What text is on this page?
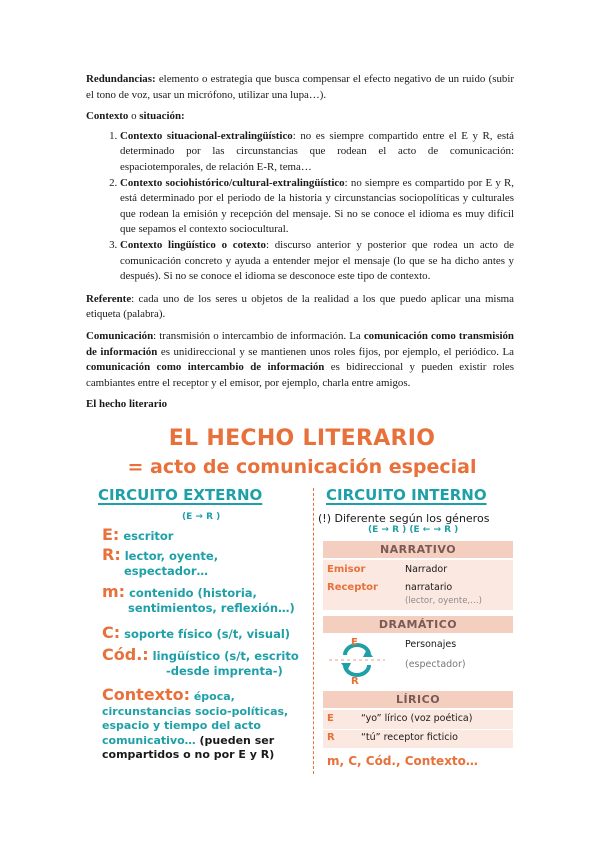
Redundancias: elemento o estrategia que busca compensar el efecto negativo de un ruido (subir el tono de voz, usar un micrófono, utilizar una lupa…).

Contexto o situación:

1. Contexto situacional-extralingüístico: no es siempre compartido entre el E y R, está determinado por las circunstancias que rodean el acto de comunicación: espaciotemporales, de relación E-R, tema…
2. Contexto sociohistórico/cultural-extralingüístico: no siempre es compartido por E y R, está determinado por el periodo de la historia y circunstancias sociopolíticas y culturales que rodean la emisión y recepción del mensaje. Si no se conoce el idioma es muy difícil que sepamos el contexto sociocultural.
3. Contexto lingüístico o cotexto: discurso anterior y posterior que rodea un acto de comunicación concreto y ayuda a entender mejor el mensaje (lo que se ha dicho antes y después). Si no se conoce el idioma se desconoce este tipo de contexto.

Referente: cada uno de los seres u objetos de la realidad a los que puedo aplicar una misma etiqueta (palabra).

Comunicación: transmisión o intercambio de información. La comunicación como transmisión de información es unidireccional y se mantienen unos roles fijos, por ejemplo, el periódico. La comunicación como intercambio de información es bidireccional y pueden existir roles cambiantes entre el receptor y el emisor, por ejemplo, charla entre amigos.

El hecho literario

EL HECHO LITERARIO
= acto de comunicación especial
CIRCUITO EXTERNO	CIRCUITO INTERNO
(E → R )
E: escritor
R: lector, oyente,
espectador…
m: contenido (historia,
sentimientos, reflexión…)
C: soporte físico (s/t, visual)
Cód.: lingüístico (s/t, escrito
-desde imprenta-)
Contexto: época,
circunstancias socio-políticas,
espacio y tiempo del acto
comunicativo… (pueden ser
compartidos o no por E y R)
(!) Diferente según los géneros
(E → R ) (E ← → R )
NARRATIVO
Emisor	Narrador
Receptor	narratario
(lector, oyente,…)
DRAMÁTICO
E
R
Personajes
(espectador)
LÍRICO
E	“yo” lírico (voz poética)
R	“tú” receptor ficticio
m, C, Cód., Contexto…
